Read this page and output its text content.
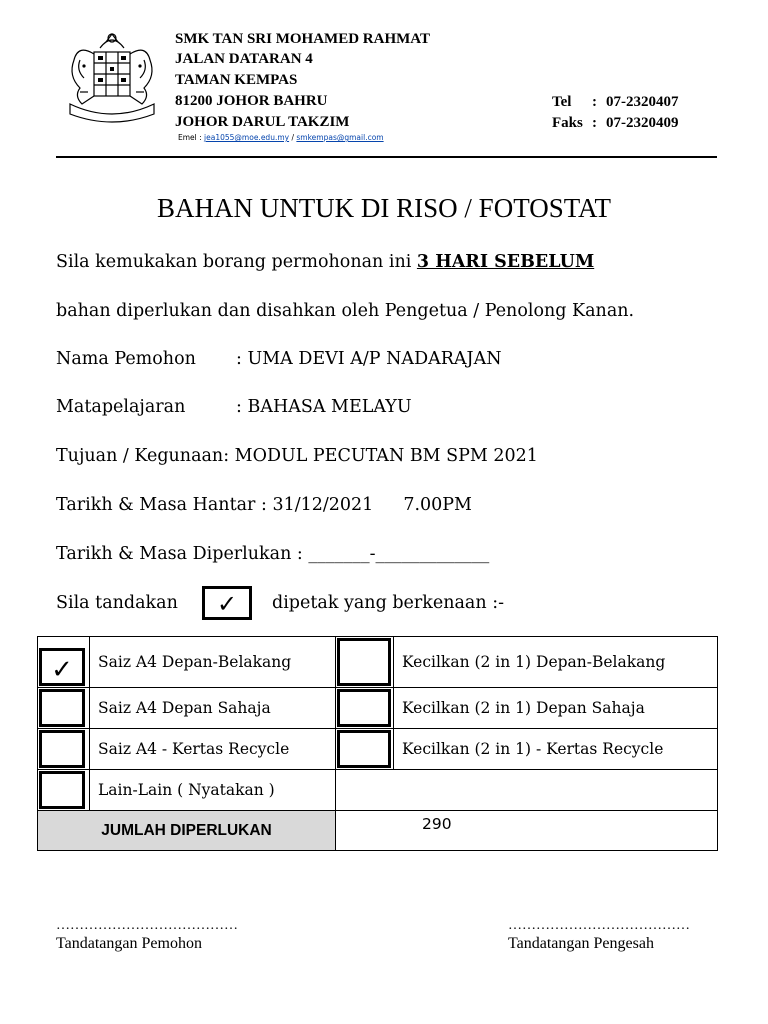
SMK TAN SRI MOHAMED RAHMAT
JALAN DATARAN 4
TAMAN KEMPAS
81200 JOHOR BAHRU
JOHOR DARUL TAKZIM
Emel : jea1055@moe.edu.my / smkempas@gmail.com
Tel : 07-2320407
Faks : 07-2320409
BAHAN UNTUK DI RISO / FOTOSTAT
Sila kemukakan borang permohonan ini 3 HARI SEBELUM
bahan diperlukan dan disahkan oleh Pengetua / Penolong Kanan.
Nama Pemohon : UMA DEVI A/P NADARAJAN
Matapelajaran	: BAHASA MELAYU
Tujuan / Kegunaan: MODUL PECUTAN BM SPM 2021
Tarikh & Masa Hantar : 31/12/2021 7.00PM
Tarikh & Masa Diperlukan : _______-_____________
Sila tandakan	✓	dipetak yang berkenaan :-
✓	Saiz A4 Depan-Belakang		Kecilkan (2 in 1) Depan-Belakang

	Saiz A4 Depan Sahaja		Kecilkan (2 in 1) Depan Sahaja

	Saiz A4 - Kertas Recycle		Kecilkan (2 in 1) - Kertas Recycle

	Lain-Lain ( Nyatakan )		
JUMLAH DIPERLUKAN		290	
…………………………………
Tandatangan Pemohon
…………………………………
Tandatangan Pengesah
